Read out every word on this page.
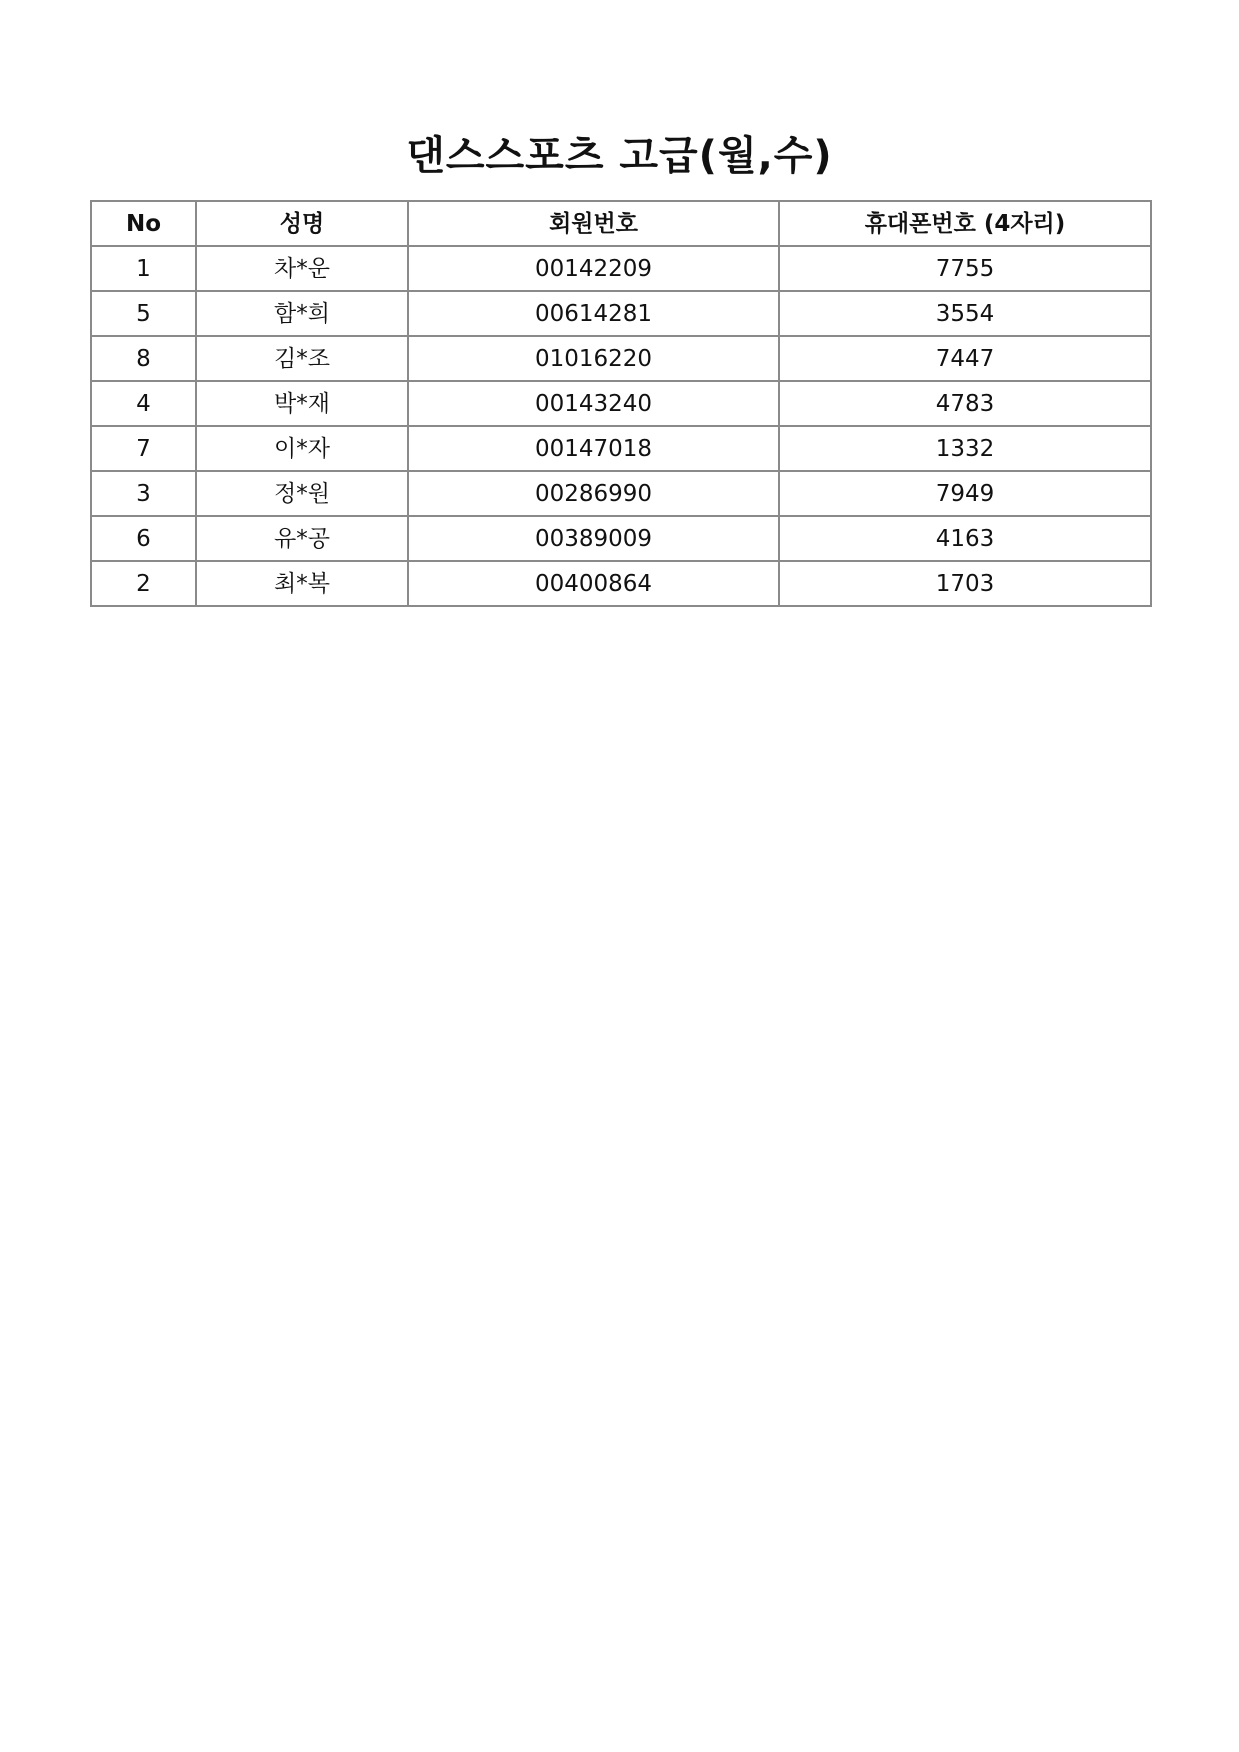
댄스스포츠 고급(월,수)
No	성명	회원번호	휴대폰번호 (4자리)
1	차*운	00142209	7755
5	함*희	00614281	3554
8	김*조	01016220	7447
4	박*재	00143240	4783
7	이*자	00147018	1332
3	정*원	00286990	7949
6	유*공	00389009	4163
2	최*복	00400864	1703
